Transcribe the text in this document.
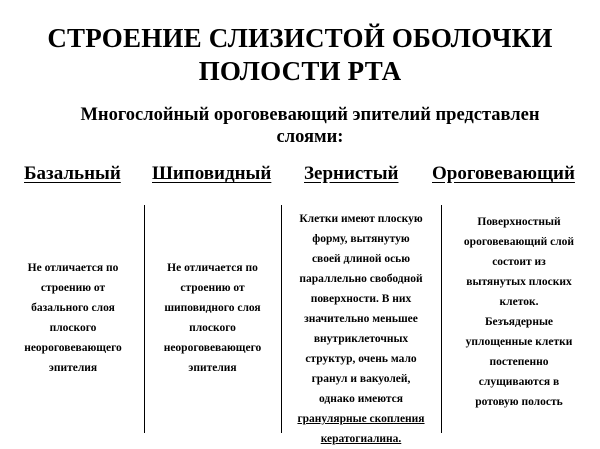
СТРОЕНИЕ СЛИЗИСТОЙ ОБОЛОЧКИ
ПОЛОСТИ РТА
Многослойный ороговевающий эпителий представлен
слоями:
Базальный Шиповидный Зернистый Ороговевающий
Не отличается по
строению от
базального слоя
плоского
неороговевающего
эпителия
Не отличается по
строению от
шиповидного слоя
плоского
неороговевающего
эпителия
Клетки имеют плоскую
форму, вытянутую
своей длиной осью
параллельно свободной
поверхности. В них
значительно меньшее
внутриклеточных
структур, очень мало
гранул и вакуолей,
однако имеются
гранулярные скопления
кератогиалина.
Поверхностный
ороговевающий слой
состоит из
вытянутых плоских
клеток.
Безъядерные
уплощенные клетки
постепенно
слущиваются в
ротовую полость
